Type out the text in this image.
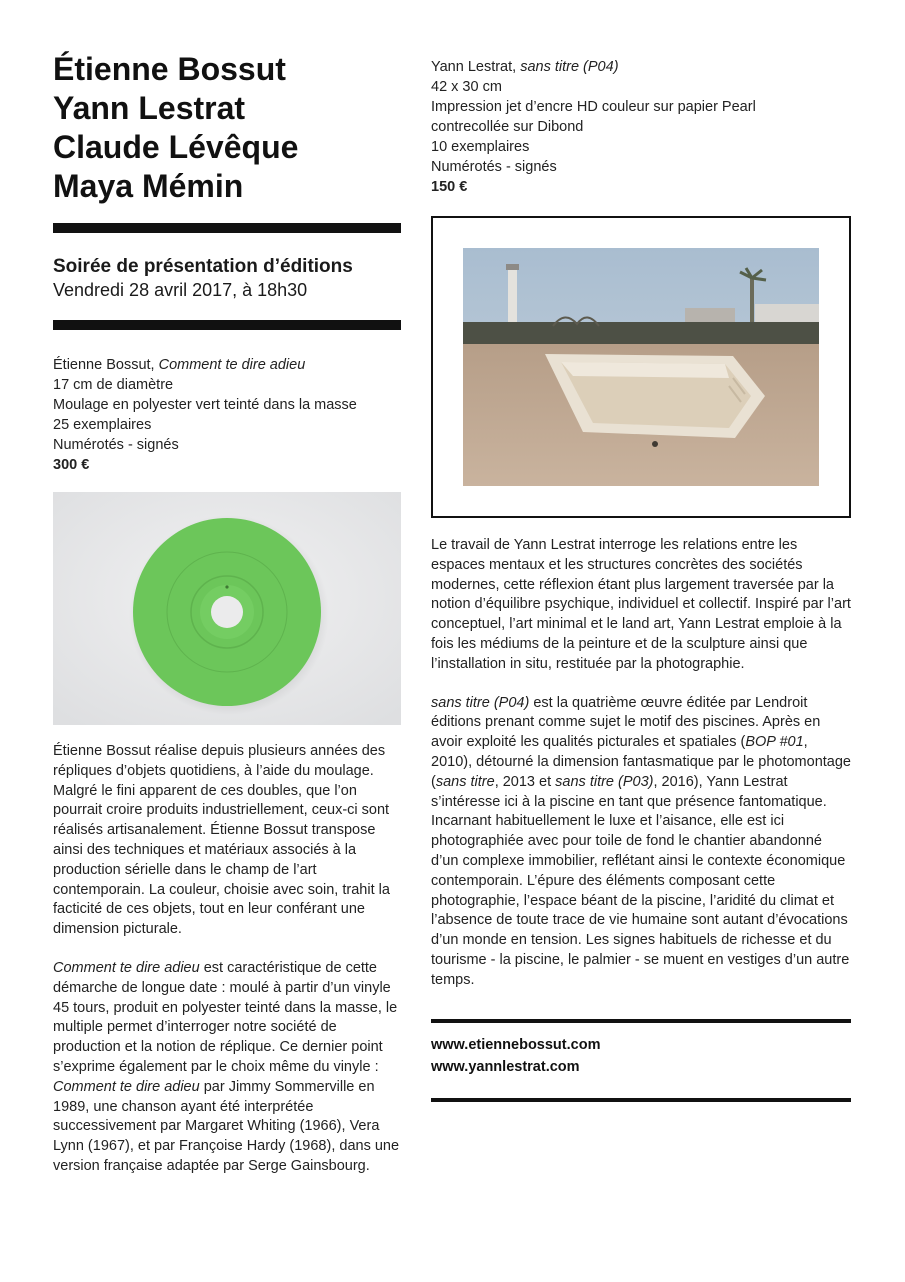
Étienne Bossut
Yann Lestrat
Claude Lévêque
Maya Mémin
Soirée de présentation d’éditions
Vendredi 28 avril 2017, à 18h30
Étienne Bossut, Comment te dire adieu
17 cm de diamètre
Moulage en polyester vert teinté dans la masse
25 exemplaires
Numérotés - signés
300 €

Étienne Bossut réalise depuis plusieurs années des répliques d’objets quotidiens, à l’aide du moulage. Malgré le fini apparent de ces doubles, que l’on pourrait croire produits industriellement, ceux-ci sont réalisés artisanalement. Étienne Bossut transpose ainsi des techniques et matériaux associés à la production sérielle dans le champ de l’art contemporain. La couleur, choisie avec soin, trahit la facticité de ces objets, tout en leur conférant une dimension picturale.

Comment te dire adieu est caractéristique de cette démarche de longue date : moulé à partir d’un vinyle 45 tours, produit en polyester teinté dans la masse, le multiple permet d’interroger notre société de production et la notion de réplique. Ce dernier point s’exprime également par le choix même du vinyle : Comment te dire adieu par Jimmy Sommerville en 1989, une chanson ayant été interprétée successivement par Margaret Whiting (1966), Vera Lynn (1967), et par Françoise Hardy (1968), dans une version française adaptée par Serge Gainsbourg.

Yann Lestrat, sans titre (P04)
42 x 30 cm
Impression jet d’encre HD couleur sur papier Pearl
contrecollée sur Dibond
10 exemplaires
Numérotés - signés
150 €

Le travail de Yann Lestrat interroge les relations entre les espaces mentaux et les structures concrètes des sociétés modernes, cette réflexion étant plus largement traversée par la notion d’équilibre psychique, individuel et collectif. Inspiré par l’art conceptuel, l’art minimal et le land art, Yann Lestrat emploie à la fois les médiums de la peinture et de la sculpture ainsi que l’installation in situ, restituée par la photographie.

sans titre (P04) est la quatrième œuvre éditée par Lendroit éditions prenant comme sujet le motif des piscines. Après en avoir exploité les qualités picturales et spatiales (BOP #01, 2010), détourné la dimension fantasmatique par le photomontage (sans titre, 2013 et sans titre (P03), 2016), Yann Lestrat s’intéresse ici à la piscine en tant que présence fantomatique. Incarnant habituellement le luxe et l’aisance, elle est ici photographiée avec pour toile de fond le chantier abandonné d’un complexe immobilier, reflétant ainsi le contexte économique contemporain. L’épure des éléments composant cette photographie, l’espace béant de la piscine, l’aridité du climat et l’absence de toute trace de vie humaine sont autant d’évocations d’un monde en tension. Les signes habituels de richesse et du tourisme - la piscine, le palmier - se muent en vestiges d’un autre temps.

www.etiennebossut.com
www.yannlestrat.com
